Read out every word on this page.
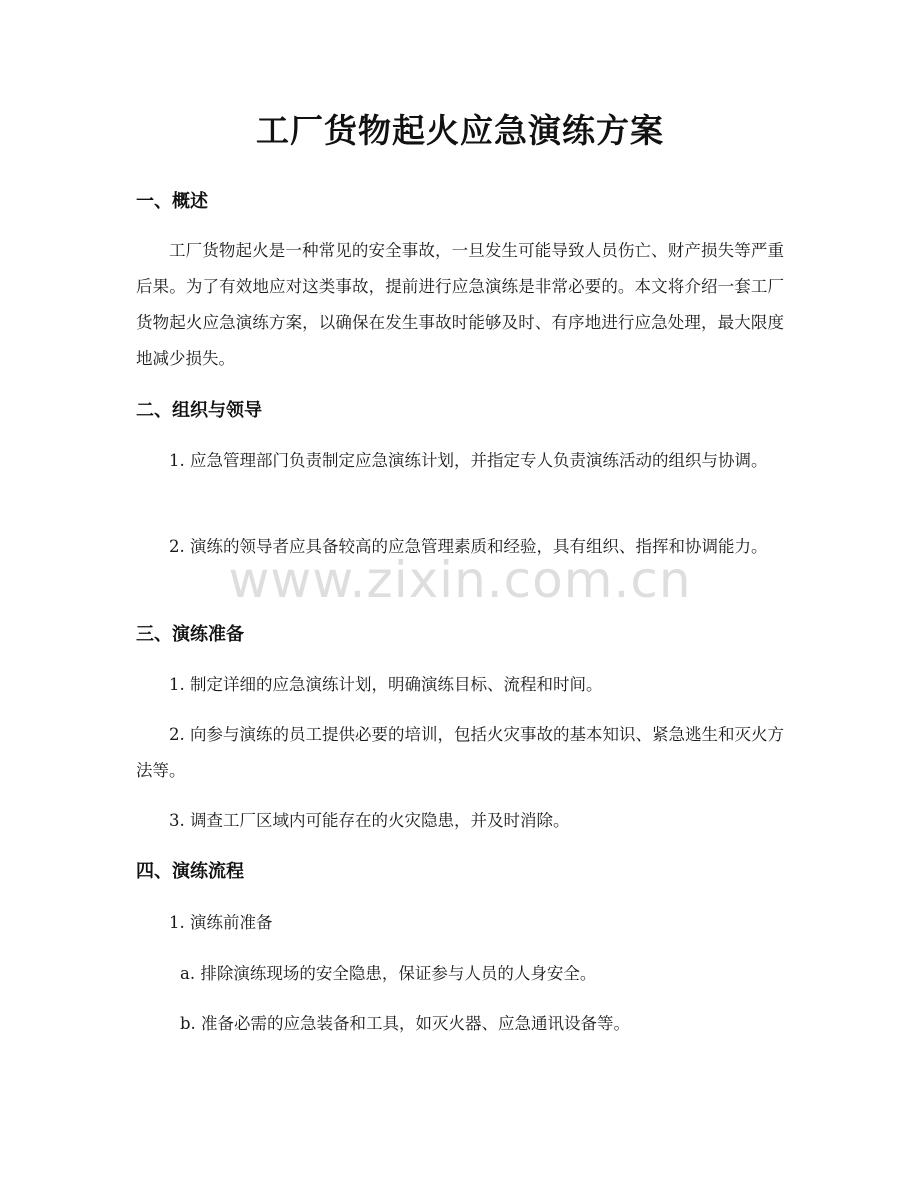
工厂货物起火应急演练方案
一、概述
工厂货物起火是一种常见的安全事故，一旦发生可能导致人员伤亡、财产损失等严重后果。为了有效地应对这类事故，提前进行应急演练是非常必要的。本文将介绍一套工厂货物起火应急演练方案，以确保在发生事故时能够及时、有序地进行应急处理，最大限度地减少损失。
二、组织与领导
1. 应急管理部门负责制定应急演练计划，并指定专人负责演练活动的组织与协调。
2. 演练的领导者应具备较高的应急管理素质和经验，具有组织、指挥和协调能力。
三、演练准备
1. 制定详细的应急演练计划，明确演练目标、流程和时间。
2. 向参与演练的员工提供必要的培训，包括火灾事故的基本知识、紧急逃生和灭火方法等。
3. 调查工厂区域内可能存在的火灾隐患，并及时消除。
四、演练流程
1. 演练前准备
a. 排除演练现场的安全隐患，保证参与人员的人身安全。
b. 准备必需的应急装备和工具，如灭火器、应急通讯设备等。
www.zixin.com.cn
